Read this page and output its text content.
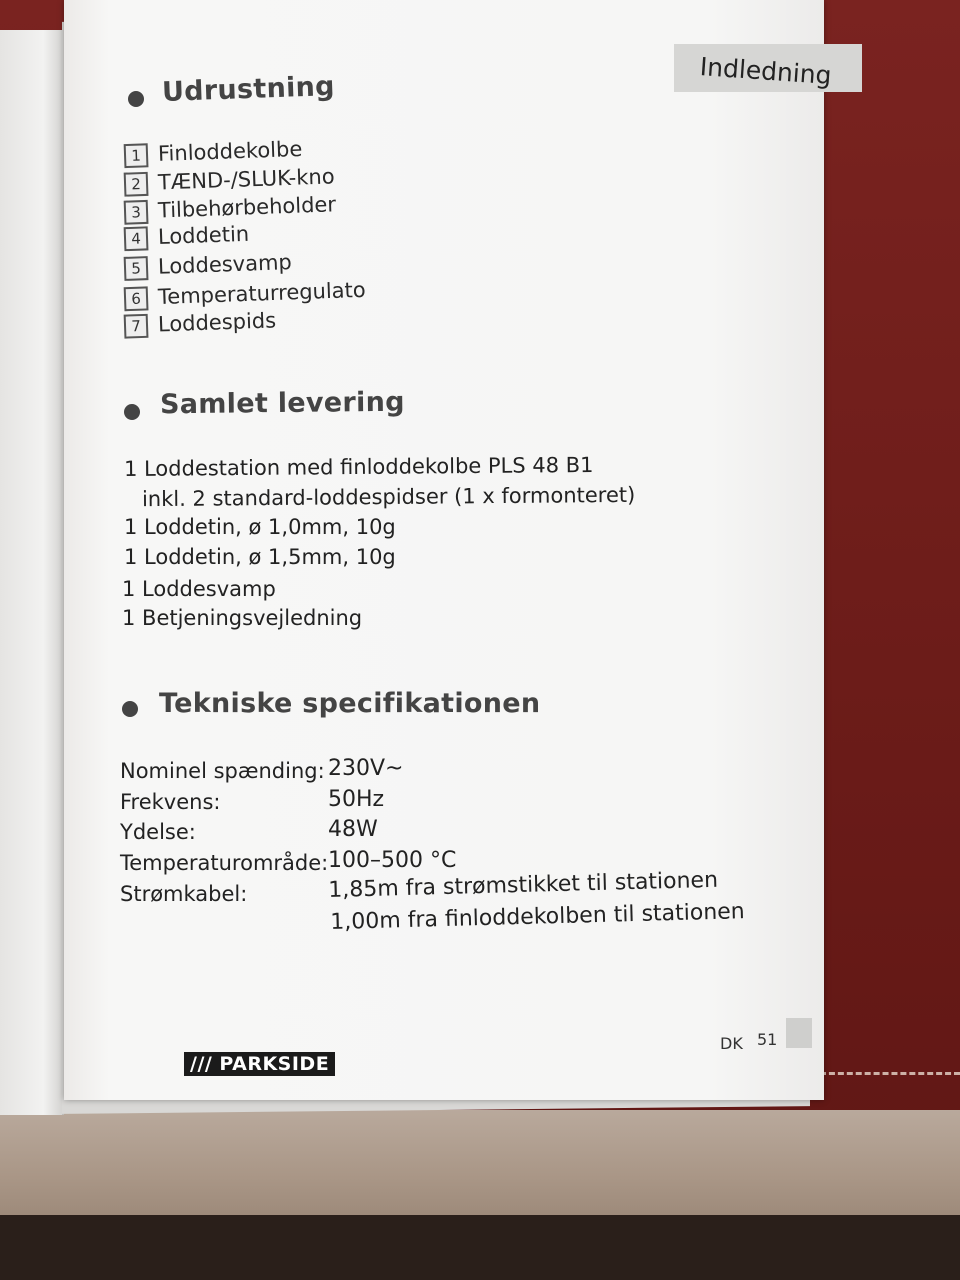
Indledning
Udrustning
1 Finloddekolbe
2 TÆND-/SLUK-kno
3 Tilbehørbeholder
4 Loddetin
5 Loddesvamp
6 Temperaturregulato
7 Loddespids
Samlet levering
1 Loddestation med finloddekolbe PLS 48 B1
inkl. 2 standard-loddespidser (1 x formonteret)
1 Loddetin, ø 1,0mm, 10g
1 Loddetin, ø 1,5mm, 10g
1 Loddesvamp
1 Betjeningsvejledning
Tekniske specifikationen
Nominel spænding: 230V~
Frekvens:	50Hz
Ydelse:	48W
Temperaturområde: 100–500 °C
Strømkabel:	1,85m fra strømstikket til stationen
1,00m fra finloddekolben til stationen
/// PARKSIDE
DK 51
